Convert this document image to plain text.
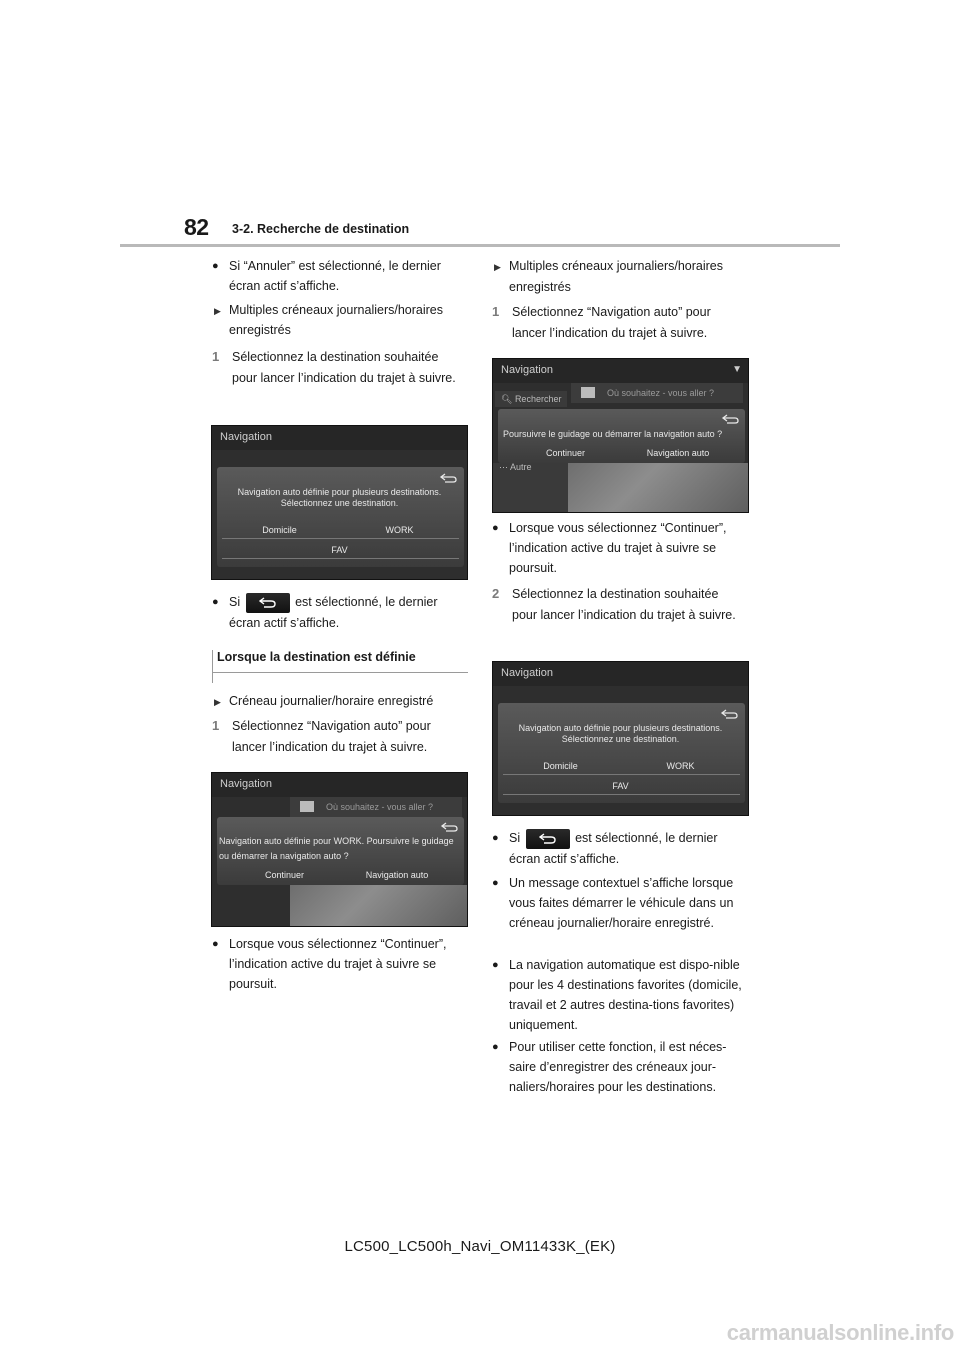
82 3-2. Recherche de destination
● Si “Annuler” est sélectionné, le dernier écran actif s’affiche.
▶ Multiples créneaux journaliers/horaires enregistrés
1 Sélectionnez la destination souhaitée pour lancer l’indication du trajet à suivre.
Navigation
Navigation auto définie pour plusieurs destinations.
Sélectionnez une destination.
Domicile	WORK
FAV
● Si	est sélectionné, le dernier écran actif s’affiche.
Lorsque la destination est définie
▶ Créneau journalier/horaire enregistré
1 Sélectionnez “Navigation auto” pour lancer l’indication du trajet à suivre.
Navigation
Où souhaitez - vous aller ?
Navigation auto définie pour WORK. Poursuivre le guidage
ou démarrer la navigation auto ?
Continuer	Navigation auto
● Lorsque vous sélectionnez “Continuer”, l’indication active du trajet à suivre se poursuit.
▶ Multiples créneaux journaliers/horaires enregistrés
1 Sélectionnez “Navigation auto” pour lancer l’indication du trajet à suivre.
Navigation	▼
🔍︎ Rechercher
Où souhaitez - vous aller ?
Poursuivre le guidage ou démarrer la navigation auto ?
Continuer	Navigation auto
⋯ Autre
● Lorsque vous sélectionnez “Continuer”, l’indication active du trajet à suivre se poursuit.
2 Sélectionnez la destination souhaitée pour lancer l’indication du trajet à suivre.
Navigation
Navigation auto définie pour plusieurs destinations.
Sélectionnez une destination.
Domicile	WORK
FAV
● Si	est sélectionné, le dernier écran actif s’affiche.
● Un message contextuel s’affiche lorsque vous faites démarrer le véhicule dans un créneau journalier/horaire enregistré.
● La navigation automatique est dispo-nible pour les 4 destinations favorites (domicile, travail et 2 autres destina-tions favorites) uniquement.
● Pour utiliser cette fonction, il est néces-saire d’enregistrer des créneaux jour-naliers/horaires pour les destinations.
LC500_LC500h_Navi_OM11433K_(EK)
carmanualsonline.info
